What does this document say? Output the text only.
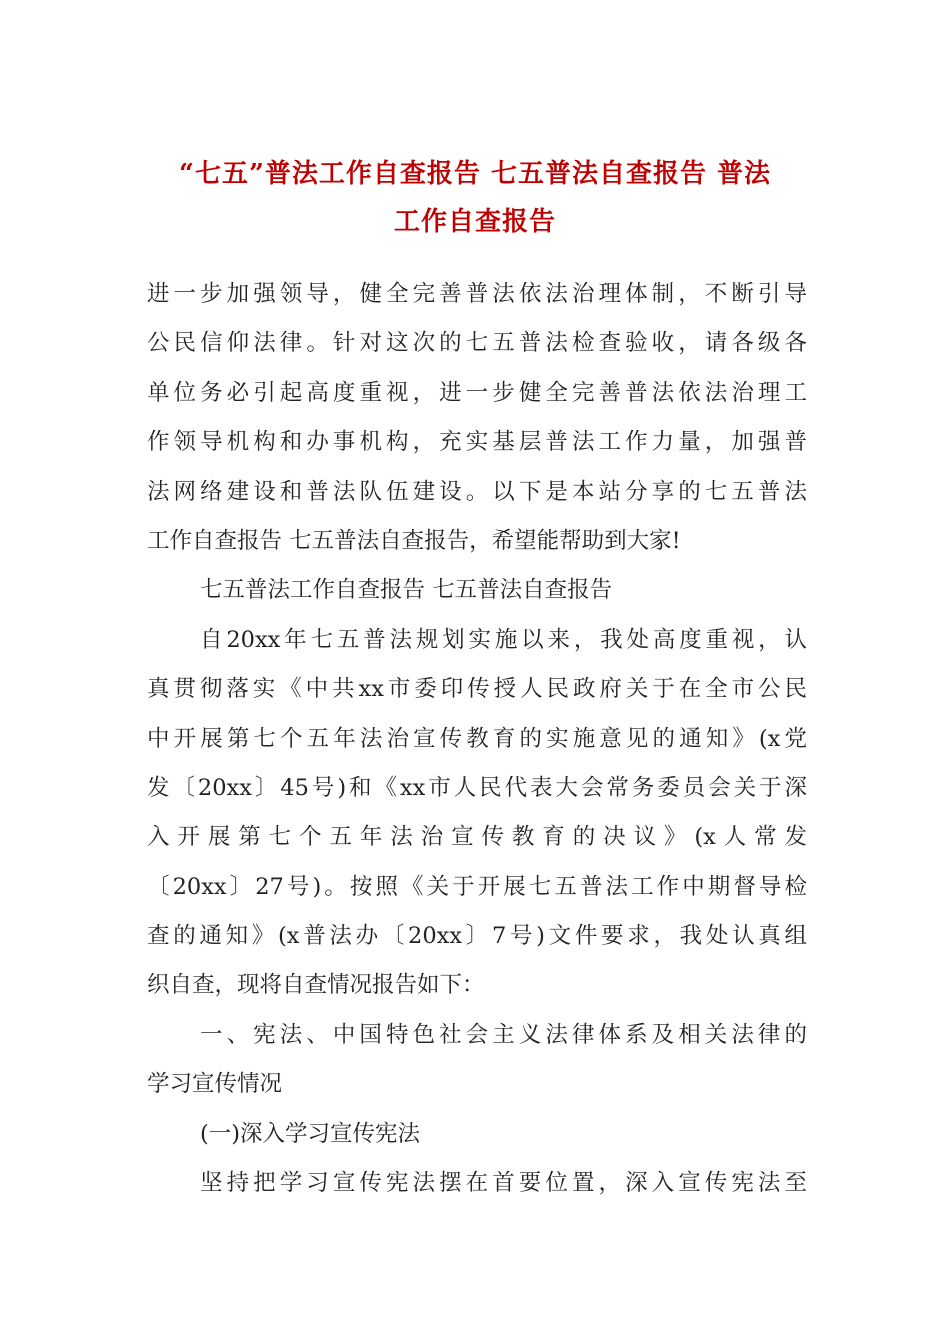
“七五”普法工作自查报告 七五普法自查报告 普法
工作自查报告
进一步加强领导，健全完善普法依法治理体制，不断引导
公民信仰法律。针对这次的七五普法检查验收，请各级各
单位务必引起高度重视，进一步健全完善普法依法治理工
作领导机构和办事机构，充实基层普法工作力量，加强普
法网络建设和普法队伍建设。以下是本站分享的七五普法
工作自查报告 七五普法自查报告，希望能帮助到大家!
七五普法工作自查报告 七五普法自查报告
自20xx年七五普法规划实施以来，我处高度重视，认
真贯彻落实《中共xx市委印传授人民政府关于在全市公民
中开展第七个五年法治宣传教育的实施意见的通知》(x党
发〔20xx〕45号)和《xx市人民代表大会常务委员会关于深
入开展第七个五年法治宣传教育的决议》(x人常发
〔20xx〕27号)。按照《关于开展七五普法工作中期督导检
查的通知》(x普法办〔20xx〕7号)文件要求，我处认真组
织自查，现将自查情况报告如下：
一、宪法、中国特色社会主义法律体系及相关法律的
学习宣传情况
(一)深入学习宣传宪法
坚持把学习宣传宪法摆在首要位置，深入宣传宪法至
